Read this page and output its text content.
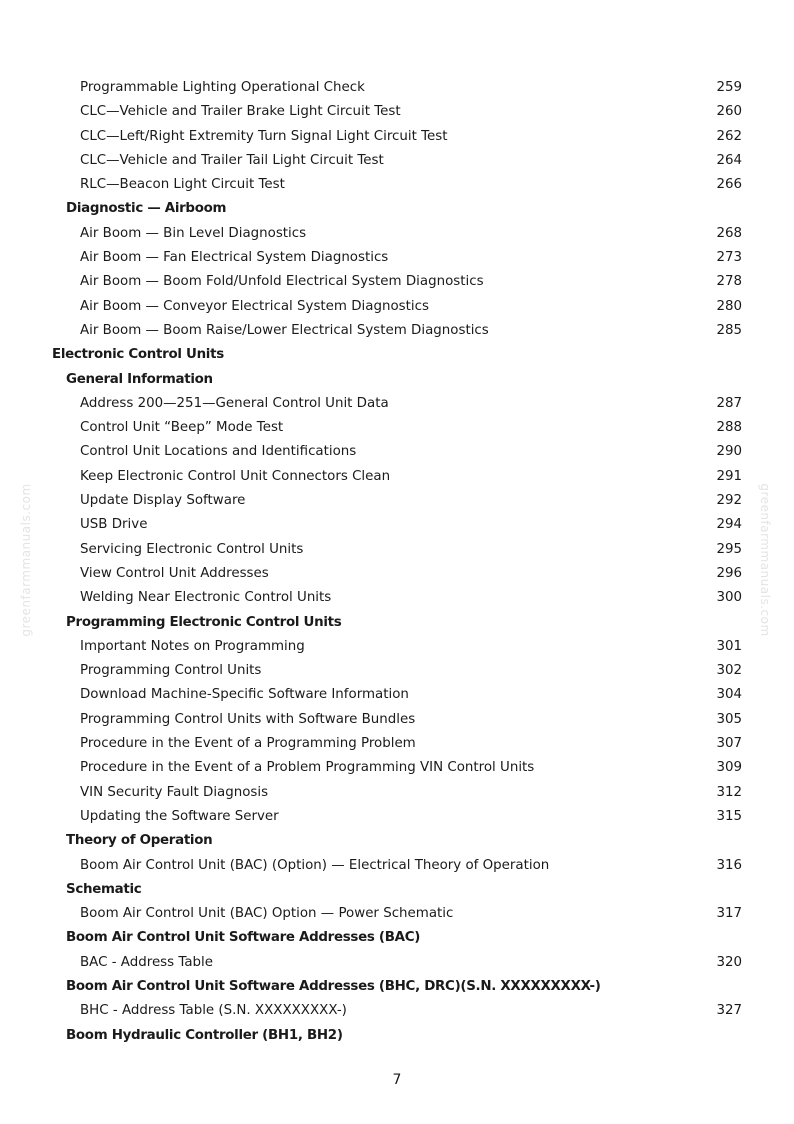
greenfarmmanuals.com	greenfarmmanuals.com
Programmable Lighting Operational Check	259
CLC—Vehicle and Trailer Brake Light Circuit Test	260
CLC—Left/Right Extremity Turn Signal Light Circuit Test	262
CLC—Vehicle and Trailer Tail Light Circuit Test	264
RLC—Beacon Light Circuit Test	266
Diagnostic — Airboom
Air Boom — Bin Level Diagnostics	268
Air Boom — Fan Electrical System Diagnostics	273
Air Boom — Boom Fold/Unfold Electrical System Diagnostics	278
Air Boom — Conveyor Electrical System Diagnostics	280
Air Boom — Boom Raise/Lower Electrical System Diagnostics	285
Electronic Control Units
General Information
Address 200—251—General Control Unit Data	287
Control Unit “Beep” Mode Test	288
Control Unit Locations and Identifications	290
Keep Electronic Control Unit Connectors Clean	291
Update Display Software	292
USB Drive	294
Servicing Electronic Control Units	295
View Control Unit Addresses	296
Welding Near Electronic Control Units	300
Programming Electronic Control Units
Important Notes on Programming	301
Programming Control Units	302
Download Machine-Specific Software Information	304
Programming Control Units with Software Bundles	305
Procedure in the Event of a Programming Problem	307
Procedure in the Event of a Problem Programming VIN Control Units	309
VIN Security Fault Diagnosis	312
Updating the Software Server	315
Theory of Operation
Boom Air Control Unit (BAC) (Option) — Electrical Theory of Operation	316
Schematic
Boom Air Control Unit (BAC) Option — Power Schematic	317
Boom Air Control Unit Software Addresses (BAC)
BAC - Address Table	320
Boom Air Control Unit Software Addresses (BHC, DRC)(S.N. XXXXXXXXX-)
BHC - Address Table (S.N. XXXXXXXXX-)	327
Boom Hydraulic Controller (BH1, BH2)
7
